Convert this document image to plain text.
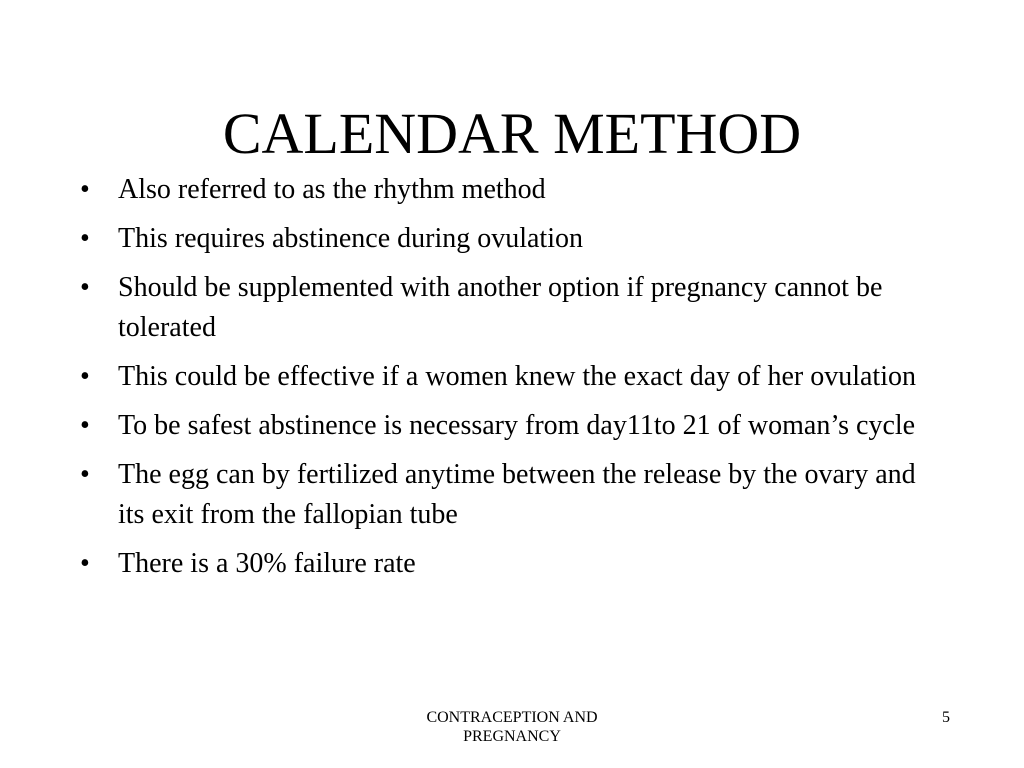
CALENDAR METHOD
•	Also referred to as the rhythm method
•	This requires abstinence during ovulation
•	Should be supplemented with another option if pregnancy cannot be tolerated
•	This could be effective if a women knew the exact day of her ovulation
•	To be safest abstinence is necessary from day11to 21 of woman’s cycle
•	The egg can by fertilized anytime between the release by the ovary and its exit from the fallopian tube
•	There is a 30% failure rate
CONTRACEPTION AND PREGNANCY
5
